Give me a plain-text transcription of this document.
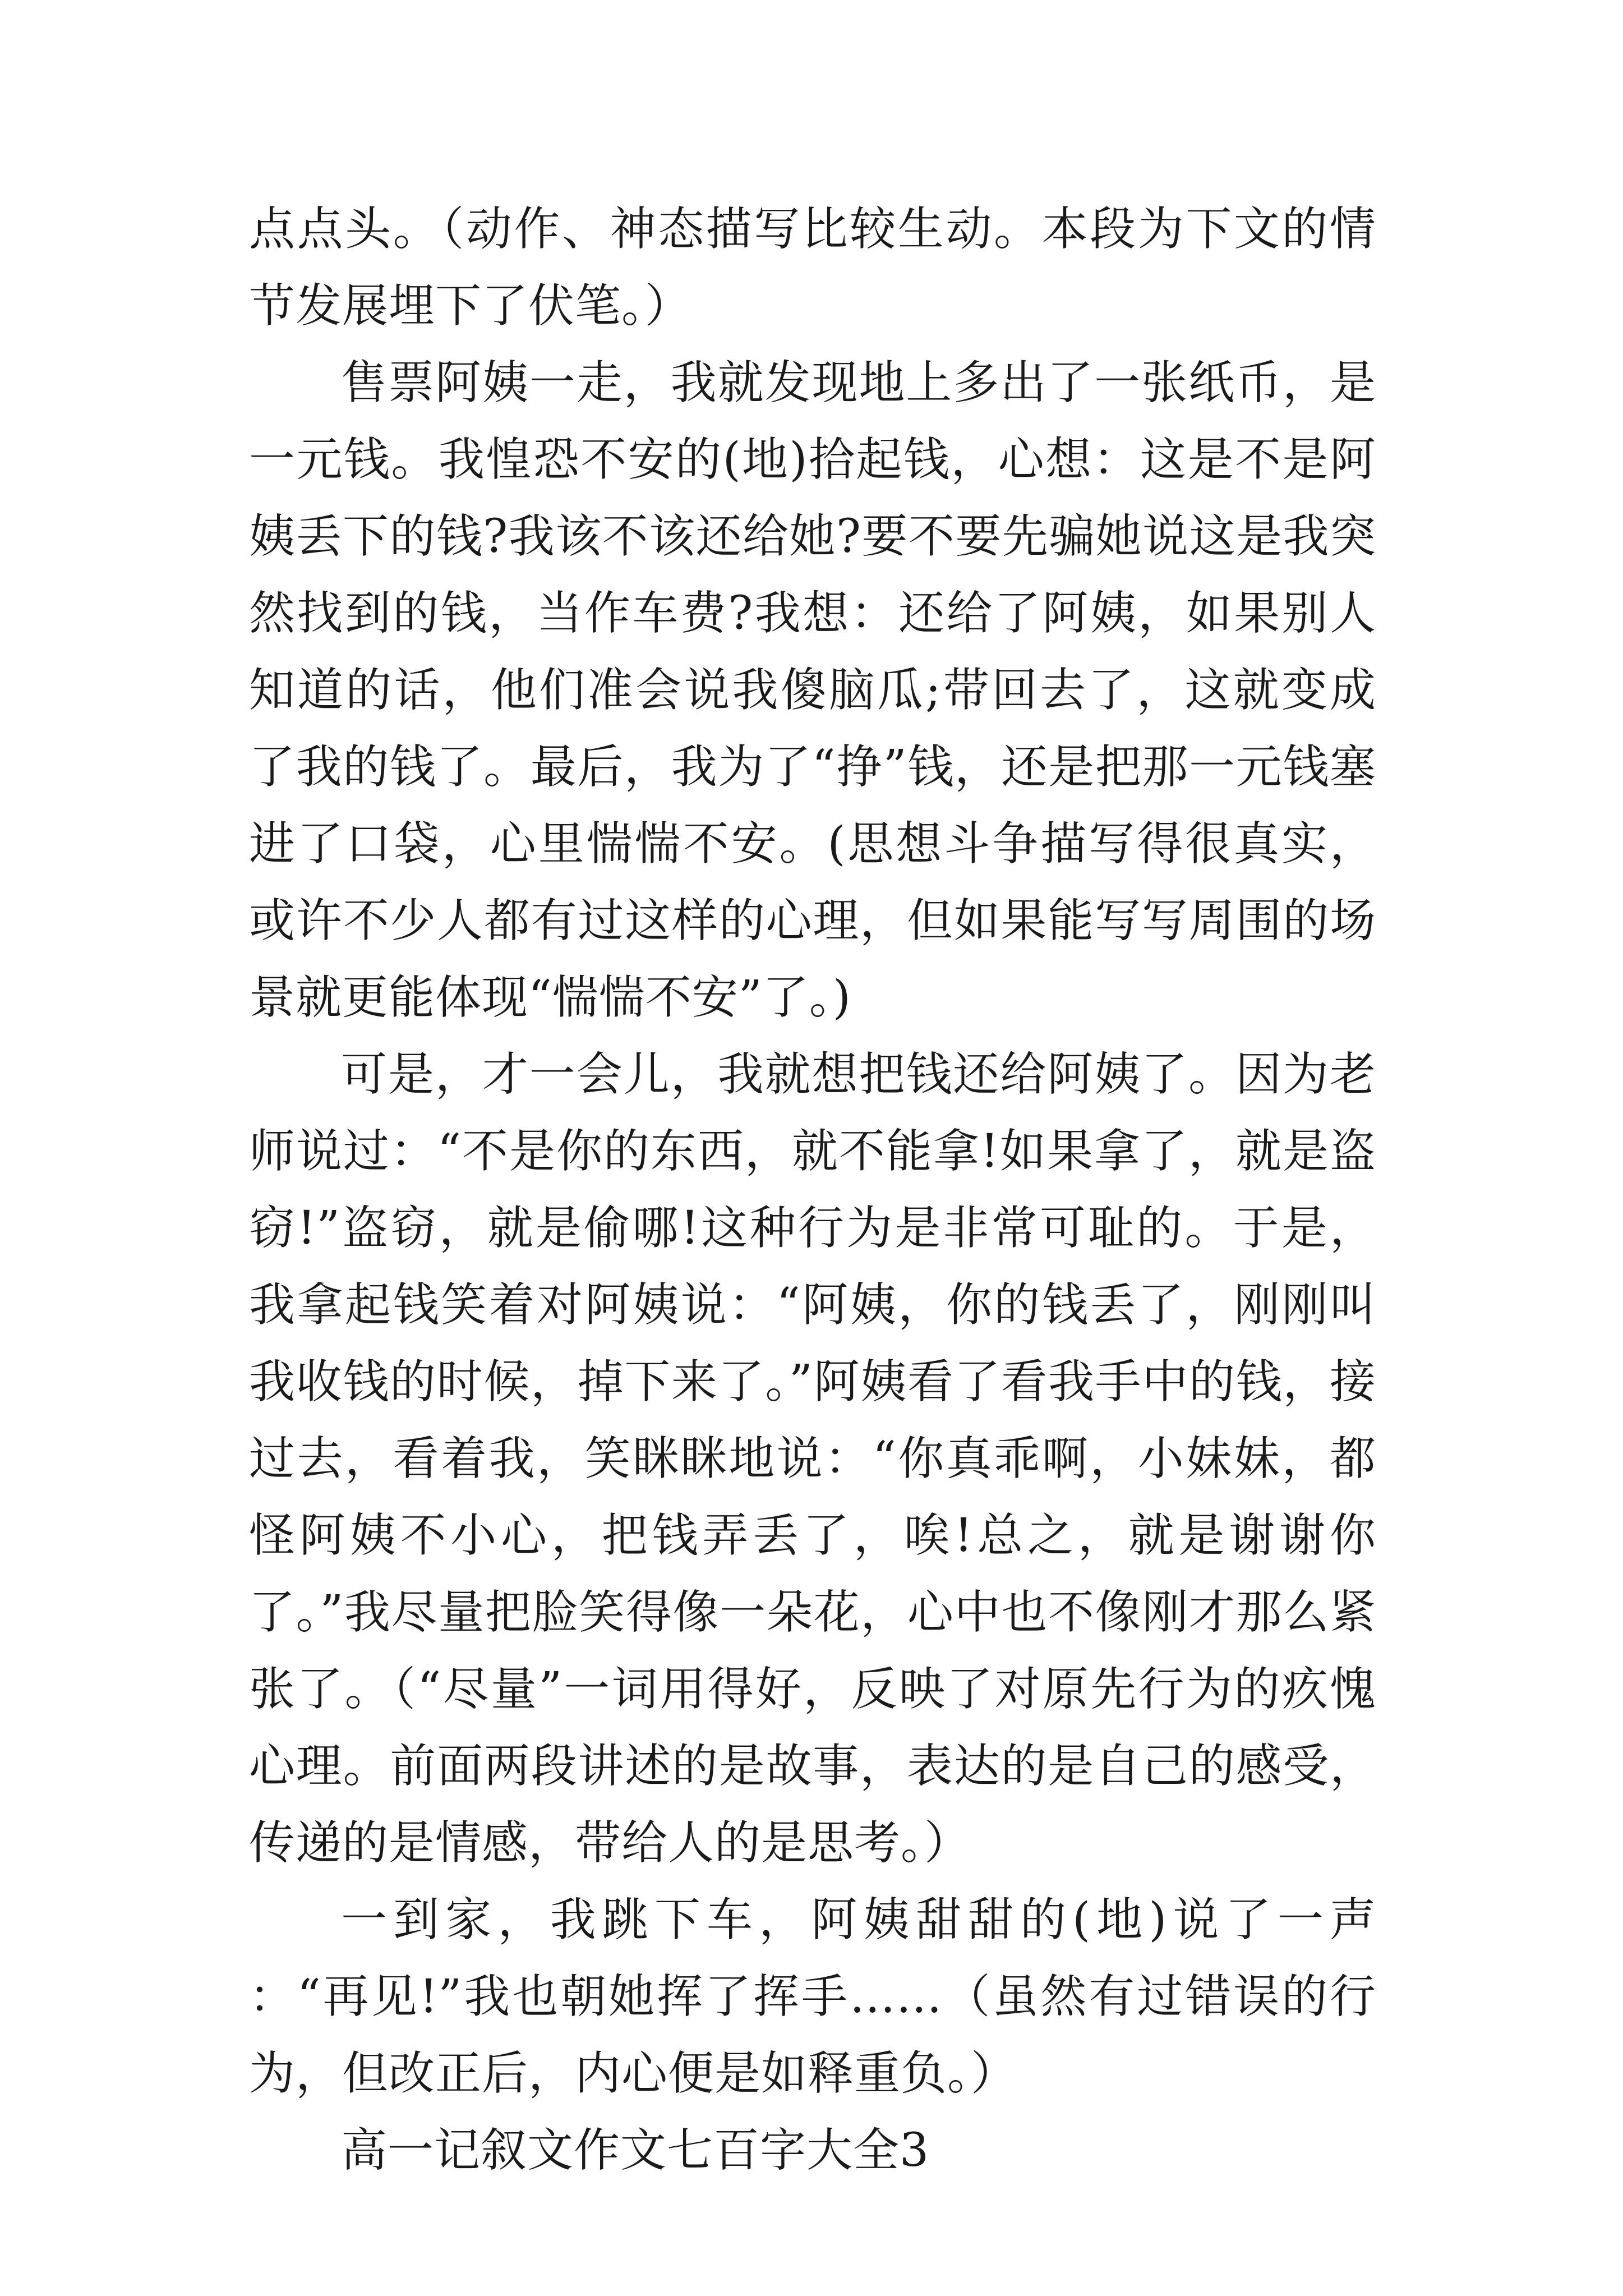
点点头。（动作、神态描写比较生动。本段为下文的情节发展埋下了伏笔。）

售票阿姨一走，我就发现地上多出了一张纸币，是一元钱。我惶恐不安的(地)拾起钱，心想：这是不是阿姨丢下的钱?我该不该还给她?要不要先骗她说这是我突然找到的钱，当作车费?我想：还给了阿姨，如果别人知道的话，他们准会说我傻脑瓜;带回去了，这就变成了我的钱了。最后，我为了“挣”钱，还是把那一元钱塞进了口袋，心里惴惴不安。(思想斗争描写得很真实，或许不少人都有过这样的心理，但如果能写写周围的场景就更能体现“惴惴不安”了。)

可是，才一会儿，我就想把钱还给阿姨了。因为老师说过：“不是你的东西，就不能拿!如果拿了，就是盗窃!”盗窃，就是偷哪!这种行为是非常可耻的。于是，我拿起钱笑着对阿姨说：“阿姨，你的钱丢了，刚刚叫我收钱的时候，掉下来了。”阿姨看了看我手中的钱，接过去，看着我，笑眯眯地说：“你真乖啊，小妹妹，都怪阿姨不小心，把钱弄丢了，唉!总之，就是谢谢你了。”我尽量把脸笑得像一朵花，心中也不像刚才那么紧张了。（“尽量”一词用得好，反映了对原先行为的疚愧心理。前面两段讲述的是故事，表达的是自己的感受，传递的是情感，带给人的是思考。）

一到家，我跳下车，阿姨甜甜的(地)说了一声 ：“再见!”我也朝她挥了挥手……（虽然有过错误的行为，但改正后，内心便是如释重负。）

高一记叙文作文七百字大全3
